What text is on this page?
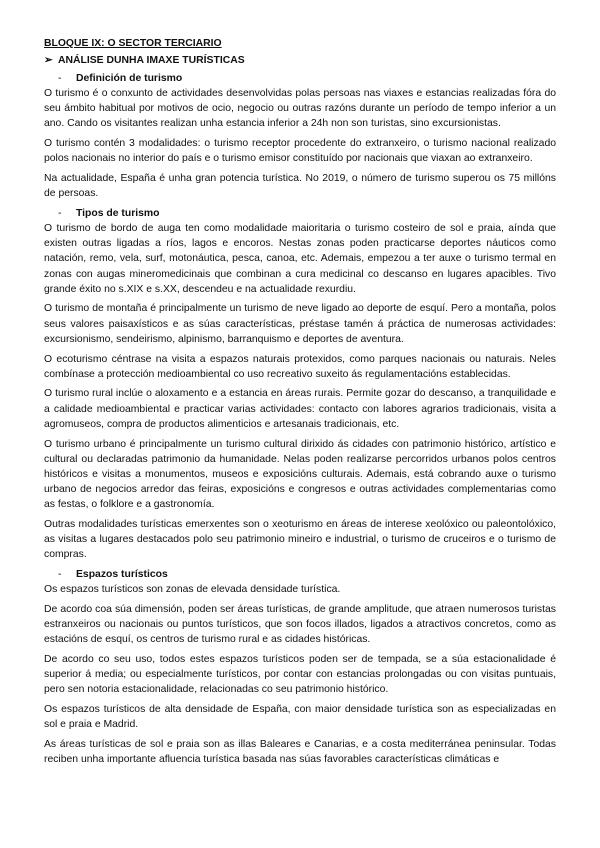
BLOQUE IX: O SECTOR TERCIARIO
➢ ANÁLISE DUNHA IMAXE TURÍSTICAS
-	Definición de turismo

O turismo é o conxunto de actividades desenvolvidas polas persoas nas viaxes e estancias realizadas fóra do seu ámbito habitual por motivos de ocio, negocio ou outras razóns durante un período de tempo inferior a un ano. Cando os visitantes realizan unha estancia inferior a 24h non son turistas, sino excursionistas.

O turismo contén 3 modalidades: o turismo receptor procedente do extranxeiro, o turismo nacional realizado polos nacionais no interior do país e o turismo emisor constituído por nacionais que viaxan ao extranxeiro.

Na actualidade, España é unha gran potencia turística. No 2019, o número de turismo superou os 75 millóns de persoas.

-	Tipos de turismo

O turismo de bordo de auga ten como modalidade maioritaria o turismo costeiro de sol e praia, aínda que existen outras ligadas a ríos, lagos e encoros. Nestas zonas poden practicarse deportes náuticos como natación, remo, vela, surf, motonáutica, pesca, canoa, etc. Ademais, empezou a ter auxe o turismo termal en zonas con augas mineromedicinais que combinan a cura medicinal co descanso en lugares apacibles. Tivo grande éxito no s.XIX e s.XX, descendeu e na actualidade rexurdiu.

O turismo de montaña é principalmente un turismo de neve ligado ao deporte de esquí. Pero a montaña, polos seus valores paisaxísticos e as súas características, préstase tamén á práctica de numerosas actividades: excursionismo, sendeirismo, alpinismo, barranquismo e deportes de aventura.

O ecoturismo céntrase na visita a espazos naturais protexidos, como parques nacionais ou naturais. Neles combínase a protección medioambiental co uso recreativo suxeito ás regulamentacións establecidas.

O turismo rural inclúe o aloxamento e a estancia en áreas rurais. Permite gozar do descanso, a tranquilidade e a calidade medioambiental e practicar varias actividades: contacto con labores agrarios tradicionais, visita a agromuseos, compra de productos alimenticios e artesanais tradicionais, etc.

O turismo urbano é principalmente un turismo cultural dirixido ás cidades con patrimonio histórico, artístico e cultural ou declaradas patrimonio da humanidade. Nelas poden realizarse percorridos urbanos polos centros históricos e visitas a monumentos, museos e exposicións culturais. Ademais, está cobrando auxe o turismo urbano de negocios arredor das feiras, exposicións e congresos e outras actividades complementarias como as festas, o folklore e a gastronomía.

Outras modalidades turísticas emerxentes son o xeoturismo en áreas de interese xeolóxico ou paleontolóxico, as visitas a lugares destacados polo seu patrimonio mineiro e industrial, o turismo de cruceiros e o turismo de compras.

-	Espazos turísticos

Os espazos turísticos son zonas de elevada densidade turística.

De acordo coa súa dimensión, poden ser áreas turísticas, de grande amplitude, que atraen numerosos turistas estranxeiros ou nacionais ou puntos turísticos, que son focos illados, ligados a atractivos concretos, como as estacións de esquí, os centros de turismo rural e as cidades históricas.

De acordo co seu uso, todos estes espazos turísticos poden ser de tempada, se a súa estacionalidade é superior á media; ou especialmente turísticos, por contar con estancias prolongadas ou con visitas puntuais, pero sen notoria estacionalidade, relacionadas co seu patrimonio histórico.

Os espazos turísticos de alta densidade de España, con maior densidade turística son as especializadas en sol e praia e Madrid.

As áreas turísticas de sol e praia son as illas Baleares e Canarias, e a costa mediterránea peninsular. Todas reciben unha importante afluencia turística basada nas súas favorables características climáticas e
